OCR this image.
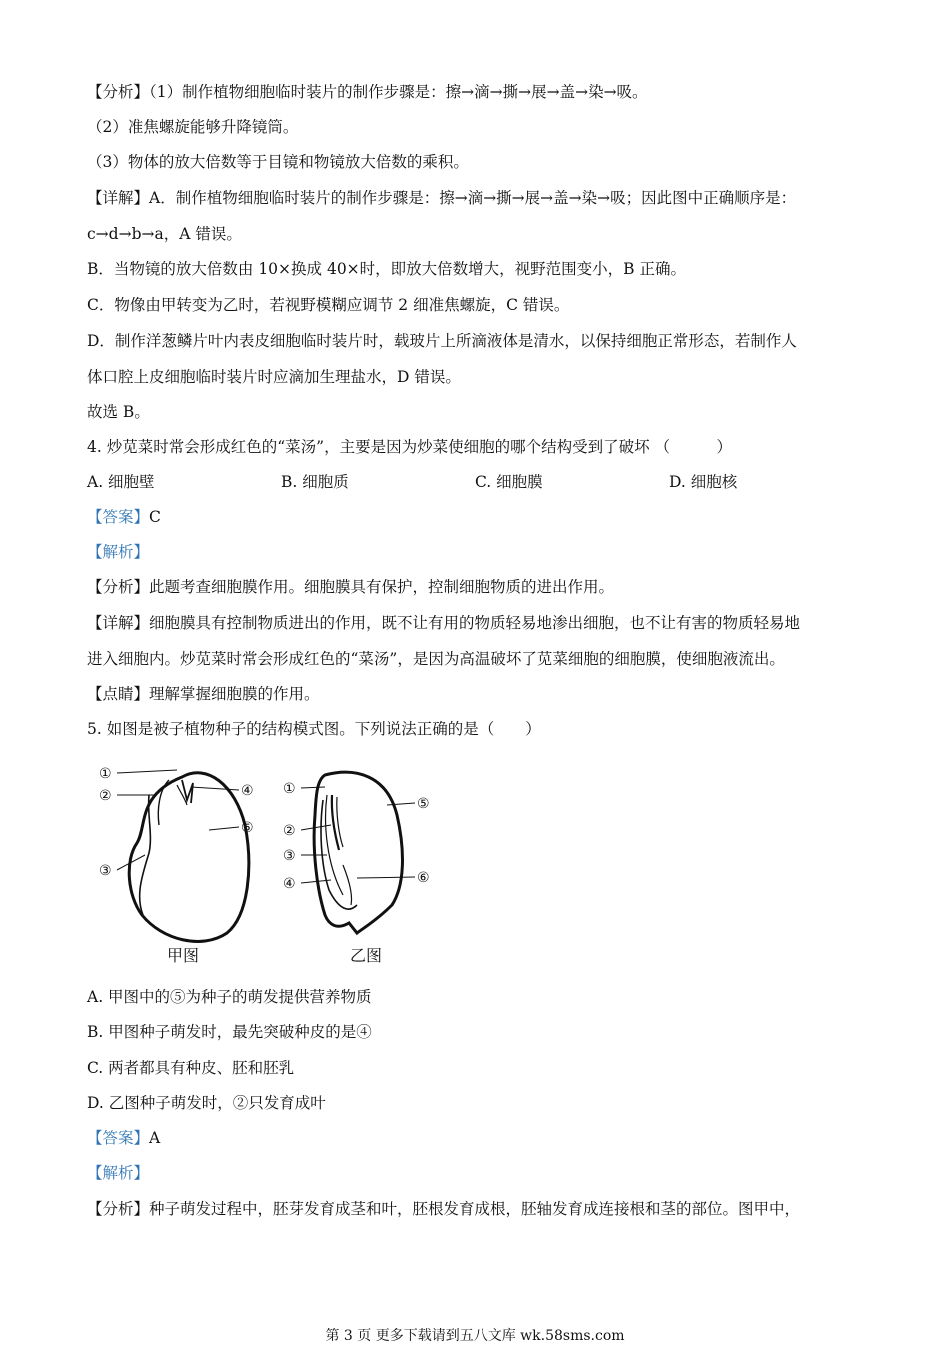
【分析】（1）制作植物细胞临时装片的制作步骤是：擦→滴→撕→展→盖→染→吸。
（2）准焦螺旋能够升降镜筒。
（3）物体的放大倍数等于目镜和物镜放大倍数的乘积。
【详解】A．制作植物细胞临时装片的制作步骤是：擦→滴→撕→展→盖→染→吸；因此图中正确顺序是：
c→d→b→a，A 错误。
B．当物镜的放大倍数由 10×换成 40×时，即放大倍数增大，视野范围变小，B 正确。
C．物像由甲转变为乙时，若视野模糊应调节 2 细准焦螺旋，C 错误。
D．制作洋葱鳞片叶内表皮细胞临时装片时，载玻片上所滴液体是清水，以保持细胞正常形态，若制作人
体口腔上皮细胞临时装片时应滴加生理盐水，D 错误。
故选 B。
4. 炒苋菜时常会形成红色的“菜汤”，主要是因为炒菜使细胞的哪个结构受到了破坏 （　　　）
A. 细胞壁	B. 细胞质	C. 细胞膜	D. 细胞核
【答案】C
【解析】
【分析】此题考查细胞膜作用。细胞膜具有保护，控制细胞物质的进出作用。
【详解】细胞膜具有控制物质进出的作用，既不让有用的物质轻易地渗出细胞，也不让有害的物质轻易地
进入细胞内。炒苋菜时常会形成红色的“菜汤”，是因为高温破坏了苋菜细胞的细胞膜，使细胞液流出。
【点睛】理解掌握细胞膜的作用。
5. 如图是被子植物种子的结构模式图。下列说法正确的是（　　）
①
②
③
④
⑤
甲图
①
②
③
④
⑤
⑥
乙图
A. 甲图中的⑤为种子的萌发提供营养物质
B. 甲图种子萌发时，最先突破种皮的是④
C. 两者都具有种皮、胚和胚乳
D. 乙图种子萌发时，②只发育成叶
【答案】A
【解析】
【分析】种子萌发过程中，胚芽发育成茎和叶，胚根发育成根，胚轴发育成连接根和茎的部位。图甲中，
第 3 页 更多下载请到五八文库 wk.58sms.com
